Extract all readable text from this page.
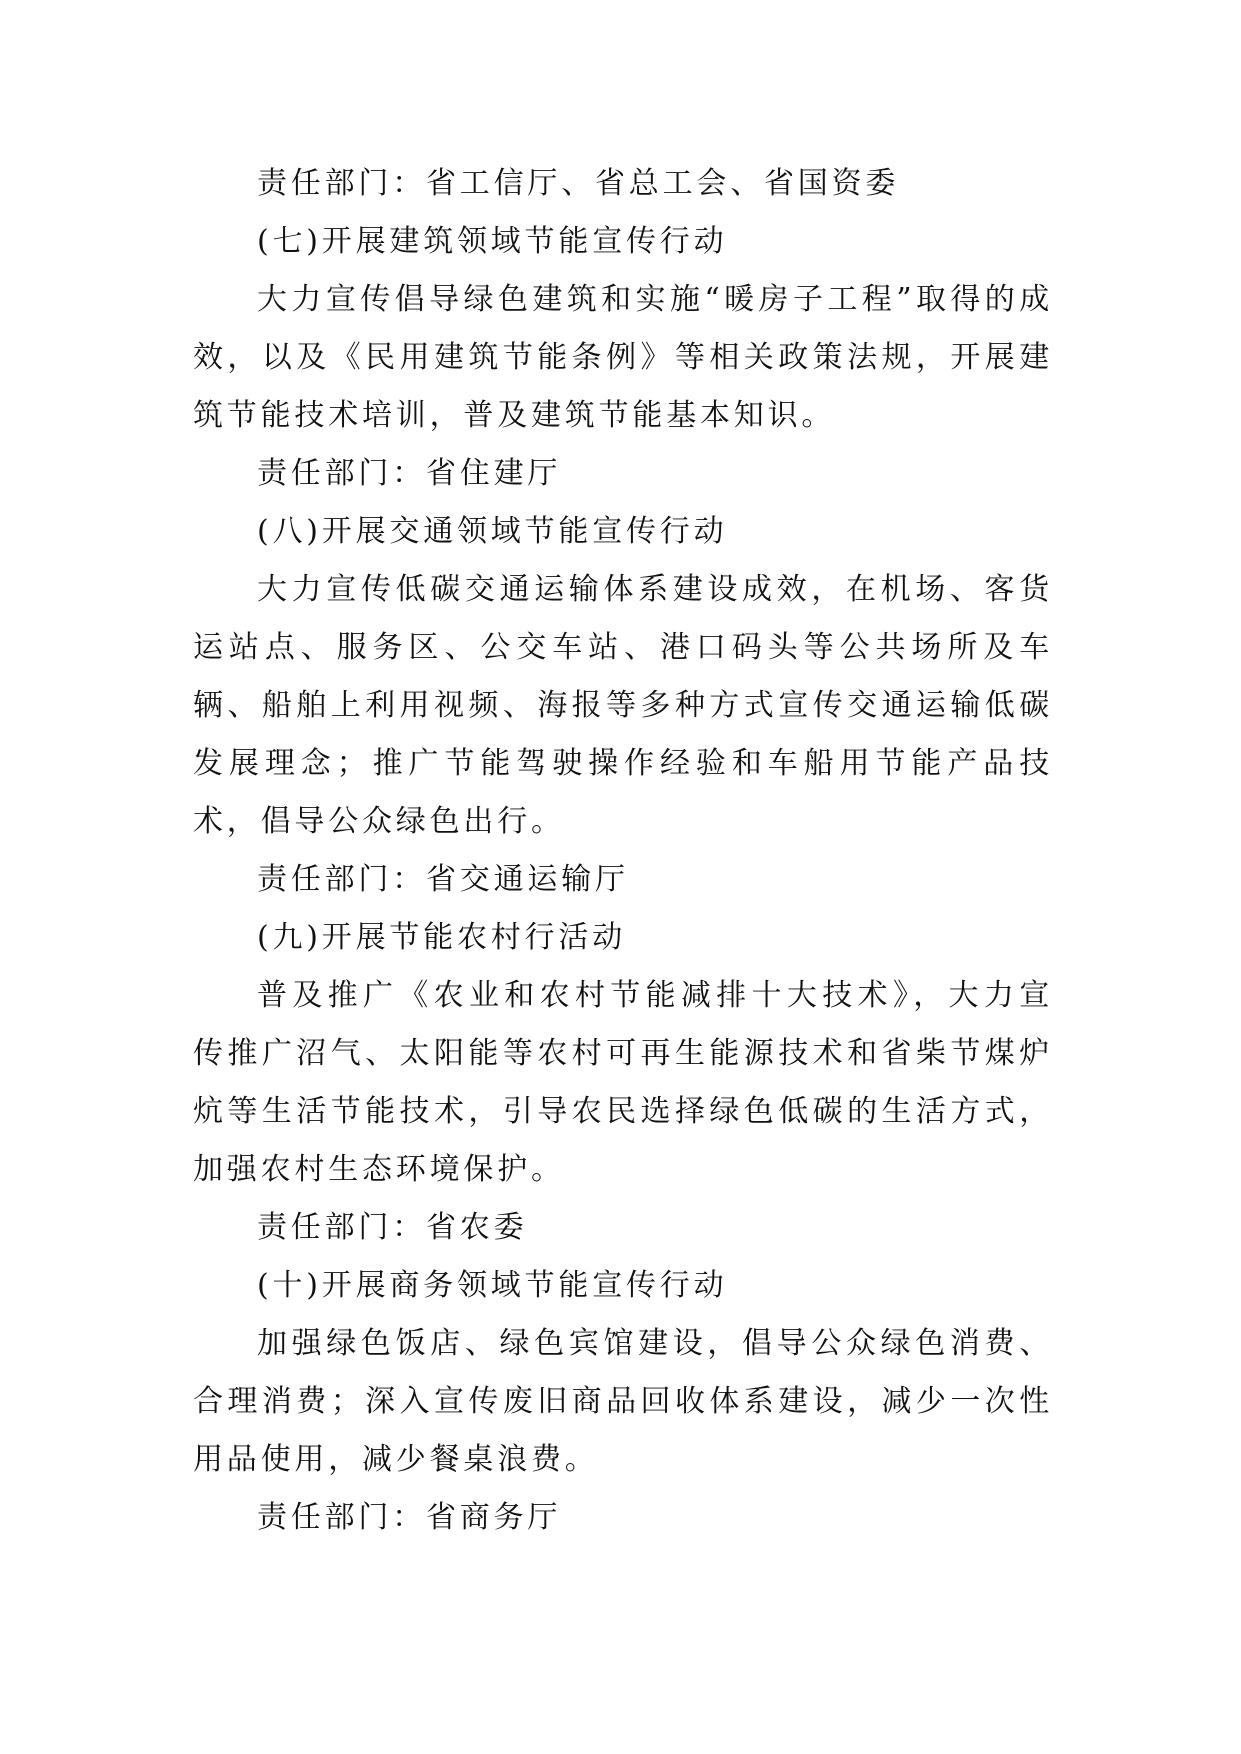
责任部门：省工信厅、省总工会、省国资委

(七)开展建筑领域节能宣传行动

大力宣传倡导绿色建筑和实施“暖房子工程”取得的成效，以及《民用建筑节能条例》等相关政策法规，开展建筑节能技术培训，普及建筑节能基本知识。

责任部门：省住建厅

(八)开展交通领域节能宣传行动

大力宣传低碳交通运输体系建设成效，在机场、客货运站点、服务区、公交车站、港口码头等公共场所及车辆、船舶上利用视频、海报等多种方式宣传交通运输低碳发展理念；推广节能驾驶操作经验和车船用节能产品技术，倡导公众绿色出行。

责任部门：省交通运输厅

(九)开展节能农村行活动

普及推广《农业和农村节能减排十大技术》，大力宣传推广沼气、太阳能等农村可再生能源技术和省柴节煤炉炕等生活节能技术，引导农民选择绿色低碳的生活方式，加强农村生态环境保护。

责任部门：省农委

(十)开展商务领域节能宣传行动

加强绿色饭店、绿色宾馆建设，倡导公众绿色消费、合理消费；深入宣传废旧商品回收体系建设，减少一次性用品使用，减少餐桌浪费。

责任部门：省商务厅
